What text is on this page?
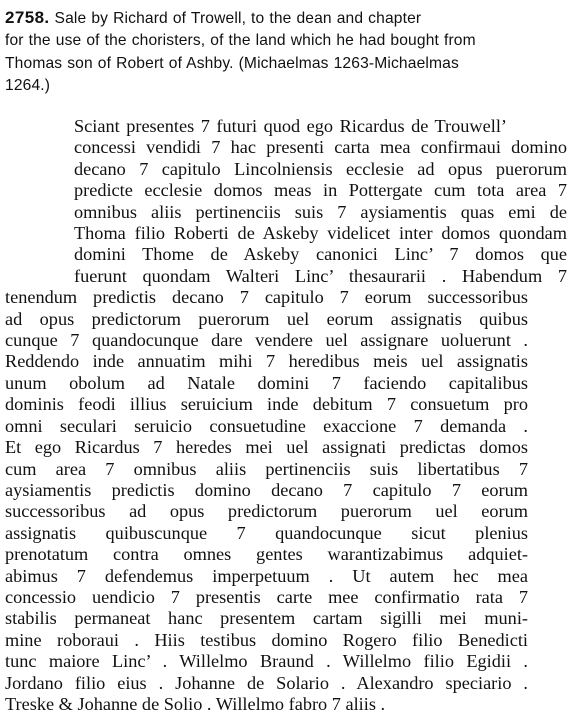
2758. Sale by Richard of Trowell, to the dean and chapter
for the use of the choristers, of the land which he had bought from
Thomas son of Robert of Ashby. (Michaelmas 1263-Michaelmas
1264.)
Sciant presentes 7 futuri quod ego Ricardus de Trouwell’
concessi vendidi 7 hac presenti carta mea confirmaui domino
decano 7 capitulo Lincolniensis ecclesie ad opus puerorum
predicte ecclesie domos meas in Pottergate cum tota area 7
omnibus aliis pertinenciis suis 7 aysiamentis quas emi de
Thoma filio Roberti de Askeby videlicet inter domos quondam
domini Thome de Askeby canonici Linc’ 7 domos que
fuerunt quondam Walteri Linc’ thesaurarii . Habendum 7
tenendum predictis decano 7 capitulo 7 eorum successoribus
ad opus predictorum puerorum uel eorum assignatis quibus
cunque 7 quandocunque dare vendere uel assignare uoluerunt .
Reddendo inde annuatim mihi 7 heredibus meis uel assignatis
unum obolum ad Natale domini 7 faciendo capitalibus
dominis feodi illius seruicium inde debitum 7 consuetum pro
omni seculari seruicio consuetudine exaccione 7 demanda .
Et ego Ricardus 7 heredes mei uel assignati predictas domos
cum area 7 omnibus aliis pertinenciis suis libertatibus 7
aysiamentis predictis domino decano 7 capitulo 7 eorum
successoribus ad opus predictorum puerorum uel eorum
assignatis quibuscunque 7 quandocunque sicut plenius
prenotatum contra omnes gentes warantizabimus adquiet-
abimus 7 defendemus imperpetuum . Ut autem hec mea
concessio uendicio 7 presentis carte mee confirmatio rata 7
stabilis permaneat hanc presentem cartam sigilli mei muni-
mine roboraui . Hiis testibus domino Rogero filio Benedicti
tunc maiore Linc’ . Willelmo Braund . Willelmo filio Egidii .
Jordano filio eius . Johanne de Solario . Alexandro speciario .
Treske & Johanne de Solio . Willelmo fabro 7 aliis .
